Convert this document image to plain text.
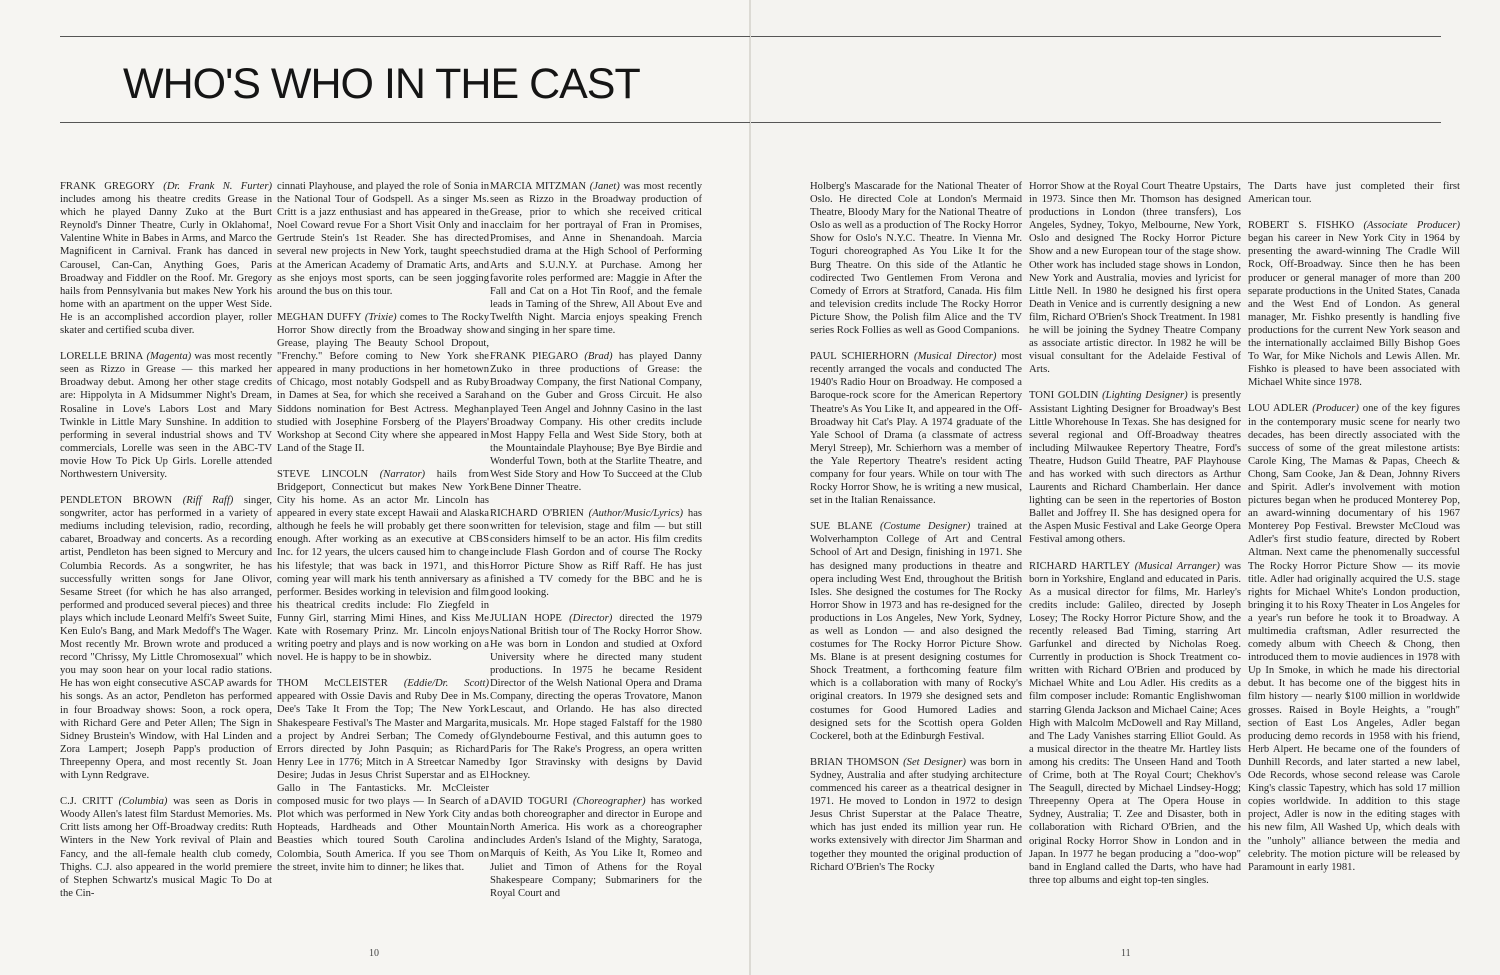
WHO'S WHO IN THE CAST

FRANK GREGORY (Dr. Frank N. Furter) includes among his theatre credits Grease in which he played Danny Zuko at the Burt Reynold's Dinner Theatre, Curly in Oklahoma!, Valentine White in Babes in Arms, and Marco the Magnificent in Carnival. Frank has danced in Carousel, Can-Can, Anything Goes, Paris Broadway and Fiddler on the Roof. Mr. Gregory hails from Pennsylvania but makes New York his home with an apartment on the upper West Side. He is an accomplished accordion player, roller skater and certified scuba diver.

LORELLE BRINA (Magenta) was most recently seen as Rizzo in Grease — this marked her Broadway debut. Among her other stage credits are: Hippolyta in A Midsummer Night's Dream, Rosaline in Love's Labors Lost and Mary Twinkle in Little Mary Sunshine. In addition to performing in several industrial shows and TV commercials, Lorelle was seen in the ABC-TV movie How To Pick Up Girls. Lorelle attended Northwestern University.

PENDLETON BROWN (Riff Raff) singer, songwriter, actor has performed in a variety of mediums including television, radio, recording, cabaret, Broadway and concerts. As a recording artist, Pendleton has been signed to Mercury and Columbia Records. As a songwriter, he has successfully written songs for Jane Olivor, Sesame Street (for which he has also arranged, performed and produced several pieces) and three plays which include Leonard Melfi's Sweet Suite, Ken Eulo's Bang, and Mark Medoff's The Wager. Most recently Mr. Brown wrote and produced a record "Chrissy, My Little Chromosexual" which you may soon hear on your local radio stations. He has won eight consecutive ASCAP awards for his songs. As an actor, Pendleton has performed in four Broadway shows: Soon, a rock opera, with Richard Gere and Peter Allen; The Sign in Sidney Brustein's Window, with Hal Linden and Zora Lampert; Joseph Papp's production of Threepenny Opera, and most recently St. Joan with Lynn Redgrave.

C.J. CRITT (Columbia) was seen as Doris in Woody Allen's latest film Stardust Memories. Ms. Critt lists among her Off-Broadway credits: Ruth Winters in the New York revival of Plain and Fancy, and the all-female health club comedy, Thighs. C.J. also appeared in the world premiere of Stephen Schwartz's musical Magic To Do at the Cin-

cinnati Playhouse, and played the role of Sonia in the National Tour of Godspell. As a singer Ms. Critt is a jazz enthusiast and has appeared in the Noel Coward revue For a Short Visit Only and in Gertrude Stein's 1st Reader. She has directed several new projects in New York, taught speech at the American Academy of Dramatic Arts, and as she enjoys most sports, can be seen jogging around the bus on this tour.

MEGHAN DUFFY (Trixie) comes to The Rocky Horror Show directly from the Broadway show Grease, playing The Beauty School Dropout, "Frenchy." Before coming to New York she appeared in many productions in her hometown of Chicago, most notably Godspell and as Ruby in Dames at Sea, for which she received a Sarah Siddons nomination for Best Actress. Meghan studied with Josephine Forsberg of the Players' Workshop at Second City where she appeared in Land of the Stage II.

STEVE LINCOLN (Narrator) hails from Bridgeport, Connecticut but makes New York City his home. As an actor Mr. Lincoln has appeared in every state except Hawaii and Alaska although he feels he will probably get there soon enough. After working as an executive at CBS Inc. for 12 years, the ulcers caused him to change his lifestyle; that was back in 1971, and this coming year will mark his tenth anniversary as a performer. Besides working in television and film his theatrical credits include: Flo Ziegfeld in Funny Girl, starring Mimi Hines, and Kiss Me Kate with Rosemary Prinz. Mr. Lincoln enjoys writing poetry and plays and is now working on a novel. He is happy to be in showbiz.

THOM McCLEISTER (Eddie/Dr. Scott) appeared with Ossie Davis and Ruby Dee in Ms. Dee's Take It From the Top; The New York Shakespeare Festival's The Master and Margarita, a project by Andrei Serban; The Comedy of Errors directed by John Pasquin; as Richard Henry Lee in 1776; Mitch in A Streetcar Named Desire; Judas in Jesus Christ Superstar and as El Gallo in The Fantasticks. Mr. McCleister composed music for two plays — In Search of a Plot which was performed in New York City and Hopteads, Hardheads and Other Mountain Beasties which toured South Carolina and Colombia, South America. If you see Thom on the street, invite him to dinner; he likes that.

MARCIA MITZMAN (Janet) was most recently seen as Rizzo in the Broadway production of Grease, prior to which she received critical acclaim for her portrayal of Fran in Promises, Promises, and Anne in Shenandoah. Marcia studied drama at the High School of Performing Arts and S.U.N.Y. at Purchase. Among her favorite roles performed are: Maggie in After the Fall and Cat on a Hot Tin Roof, and the female leads in Taming of the Shrew, All About Eve and Twelfth Night. Marcia enjoys speaking French and singing in her spare time.

FRANK PIEGARO (Brad) has played Danny Zuko in three productions of Grease: the Broadway Company, the first National Company, and on the Guber and Gross Circuit. He also played Teen Angel and Johnny Casino in the last Broadway Company. His other credits include Most Happy Fella and West Side Story, both at the Mountaindale Playhouse; Bye Bye Birdie and Wonderful Town, both at the Starlite Theatre, and West Side Story and How To Succeed at the Club Bene Dinner Theatre.

RICHARD O'BRIEN (Author/Music/Lyrics) has written for television, stage and film — but still considers himself to be an actor. His film credits include Flash Gordon and of course The Rocky Horror Picture Show as Riff Raff. He has just finished a TV comedy for the BBC and he is good looking.

JULIAN HOPE (Director) directed the 1979 National British tour of The Rocky Horror Show. He was born in London and studied at Oxford University where he directed many student productions. In 1975 he became Resident Director of the Welsh National Opera and Drama Company, directing the operas Trovatore, Manon Lescaut, and Orlando. He has also directed musicals. Mr. Hope staged Falstaff for the 1980 Glyndebourne Festival, and this autumn goes to Paris for The Rake's Progress, an opera written by Igor Stravinsky with designs by David Hockney.

DAVID TOGURI (Choreographer) has worked as both choreographer and director in Europe and North America. His work as a choreographer includes Arden's Island of the Mighty, Saratoga, Marquis of Keith, As You Like It, Romeo and Juliet and Timon of Athens for the Royal Shakespeare Company; Submariners for the Royal Court and

Holberg's Mascarade for the National Theater of Oslo. He directed Cole at London's Mermaid Theatre, Bloody Mary for the National Theatre of Oslo as well as a production of The Rocky Horror Show for Oslo's N.Y.C. Theatre. In Vienna Mr. Toguri choreographed As You Like It for the Burg Theatre. On this side of the Atlantic he codirected Two Gentlemen From Verona and Comedy of Errors at Stratford, Canada. His film and television credits include The Rocky Horror Picture Show, the Polish film Alice and the TV series Rock Follies as well as Good Companions.

PAUL SCHIERHORN (Musical Director) most recently arranged the vocals and conducted The 1940's Radio Hour on Broadway. He composed a Baroque-rock score for the American Repertory Theatre's As You Like It, and appeared in the Off-Broadway hit Cat's Play. A 1974 graduate of the Yale School of Drama (a classmate of actress Meryl Streep), Mr. Schierhorn was a member of the Yale Repertory Theatre's resident acting company for four years. While on tour with The Rocky Horror Show, he is writing a new musical, set in the Italian Renaissance.

SUE BLANE (Costume Designer) trained at Wolverhampton College of Art and Central School of Art and Design, finishing in 1971. She has designed many productions in theatre and opera including West End, throughout the British Isles. She designed the costumes for The Rocky Horror Show in 1973 and has re-designed for the productions in Los Angeles, New York, Sydney, as well as London — and also designed the costumes for The Rocky Horror Picture Show. Ms. Blane is at present designing costumes for Shock Treatment, a forthcoming feature film which is a collaboration with many of Rocky's original creators. In 1979 she designed sets and costumes for Good Humored Ladies and designed sets for the Scottish opera Golden Cockerel, both at the Edinburgh Festival.

BRIAN THOMSON (Set Designer) was born in Sydney, Australia and after studying architecture commenced his career as a theatrical designer in 1971. He moved to London in 1972 to design Jesus Christ Superstar at the Palace Theatre, which has just ended its million year run. He works extensively with director Jim Sharman and together they mounted the original production of Richard O'Brien's The Rocky

Horror Show at the Royal Court Theatre Upstairs, in 1973. Since then Mr. Thomson has designed productions in London (three transfers), Los Angeles, Sydney, Tokyo, Melbourne, New York, Oslo and designed The Rocky Horror Picture Show and a new European tour of the stage show. Other work has included stage shows in London, New York and Australia, movies and lyricist for Little Nell. In 1980 he designed his first opera Death in Venice and is currently designing a new film, Richard O'Brien's Shock Treatment. In 1981 he will be joining the Sydney Theatre Company as associate artistic director. In 1982 he will be visual consultant for the Adelaide Festival of Arts.

TONI GOLDIN (Lighting Designer) is presently Assistant Lighting Designer for Broadway's Best Little Whorehouse In Texas. She has designed for several regional and Off-Broadway theatres including Milwaukee Repertory Theatre, Ford's Theatre, Hudson Guild Theatre, PAF Playhouse and has worked with such directors as Arthur Laurents and Richard Chamberlain. Her dance lighting can be seen in the repertories of Boston Ballet and Joffrey II. She has designed opera for the Aspen Music Festival and Lake George Opera Festival among others.

RICHARD HARTLEY (Musical Arranger) was born in Yorkshire, England and educated in Paris. As a musical director for films, Mr. Harley's credits include: Galileo, directed by Joseph Losey; The Rocky Horror Picture Show, and the recently released Bad Timing, starring Art Garfunkel and directed by Nicholas Roeg. Currently in production is Shock Treatment co-written with Richard O'Brien and produced by Michael White and Lou Adler. His credits as a film composer include: Romantic Englishwoman starring Glenda Jackson and Michael Caine; Aces High with Malcolm McDowell and Ray Milland, and The Lady Vanishes starring Elliot Gould. As a musical director in the theatre Mr. Hartley lists among his credits: The Unseen Hand and Tooth of Crime, both at The Royal Court; Chekhov's The Seagull, directed by Michael Lindsey-Hogg; Threepenny Opera at The Opera House in Sydney, Australia; T. Zee and Disaster, both in collaboration with Richard O'Brien, and the original Rocky Horror Show in London and in Japan. In 1977 he began producing a "doo-wop" band in England called the Darts, who have had three top albums and eight top-ten singles.

The Darts have just completed their first American tour.

ROBERT S. FISHKO (Associate Producer) began his career in New York City in 1964 by presenting the award-winning The Cradle Will Rock, Off-Broadway. Since then he has been producer or general manager of more than 200 separate productions in the United States, Canada and the West End of London. As general manager, Mr. Fishko presently is handling five productions for the current New York season and the internationally acclaimed Billy Bishop Goes To War, for Mike Nichols and Lewis Allen. Mr. Fishko is pleased to have been associated with Michael White since 1978.

LOU ADLER (Producer) one of the key figures in the contemporary music scene for nearly two decades, has been directly associated with the success of some of the great milestone artists: Carole King, The Mamas & Papas, Cheech & Chong, Sam Cooke, Jan & Dean, Johnny Rivers and Spirit. Adler's involvement with motion pictures began when he produced Monterey Pop, an award-winning documentary of his 1967 Monterey Pop Festival. Brewster McCloud was Adler's first studio feature, directed by Robert Altman. Next came the phenomenally successful The Rocky Horror Picture Show — its movie title. Adler had originally acquired the U.S. stage rights for Michael White's London production, bringing it to his Roxy Theater in Los Angeles for a year's run before he took it to Broadway. A multimedia craftsman, Adler resurrected the comedy album with Cheech & Chong, then introduced them to movie audiences in 1978 with Up In Smoke, in which he made his directorial debut. It has become one of the biggest hits in film history — nearly $100 million in worldwide grosses. Raised in Boyle Heights, a "rough" section of East Los Angeles, Adler began producing demo records in 1958 with his friend, Herb Alpert. He became one of the founders of Dunhill Records, and later started a new label, Ode Records, whose second release was Carole King's classic Tapestry, which has sold 17 million copies worldwide. In addition to this stage project, Adler is now in the editing stages with his new film, All Washed Up, which deals with the "unholy" alliance between the media and celebrity. The motion picture will be released by Paramount in early 1981.

10	11
